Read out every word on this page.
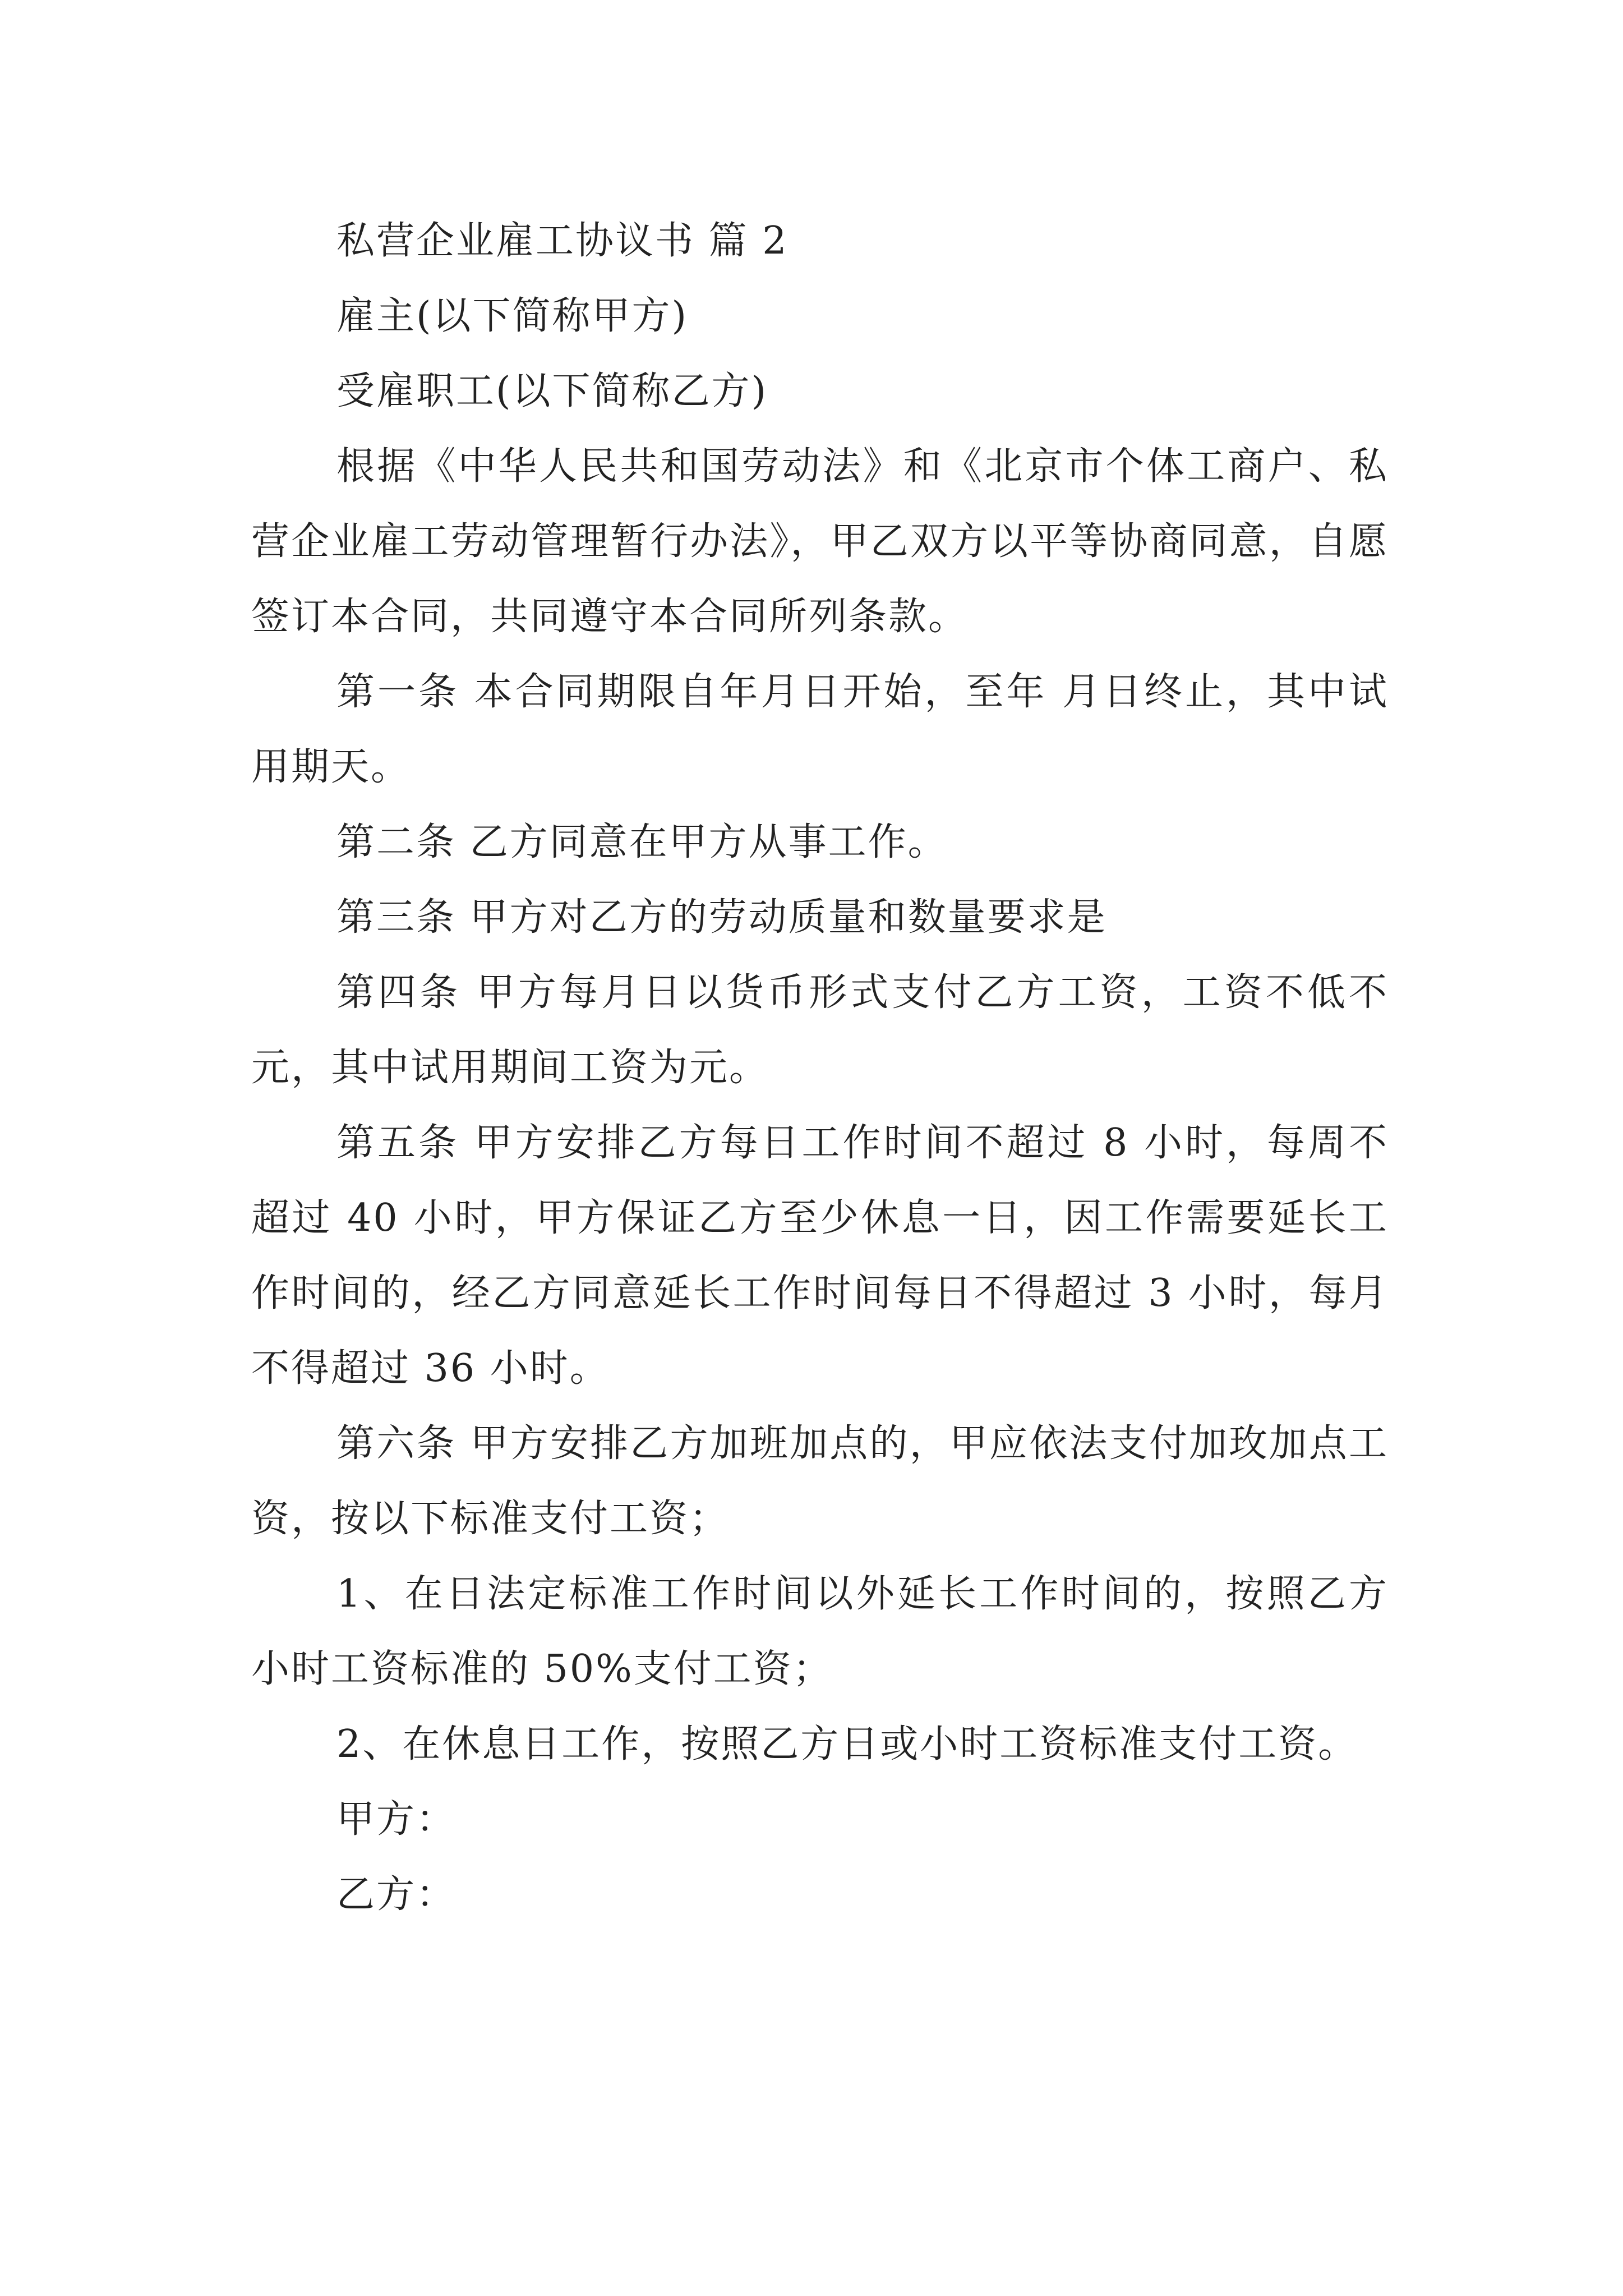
私营企业雇工协议书 篇 2

雇主(以下简称甲方)

受雇职工(以下简称乙方)

根据《中华人民共和国劳动法》和《北京市个体工商户、私营企业雇工劳动管理暂行办法》，甲乙双方以平等协商同意，自愿签订本合同，共同遵守本合同所列条款。

第一条 本合同期限自年月日开始，至年 月日终止，其中试用期天。

第二条 乙方同意在甲方从事工作。

第三条 甲方对乙方的劳动质量和数量要求是

第四条 甲方每月日以货币形式支付乙方工资，工资不低不元，其中试用期间工资为元。

第五条 甲方安排乙方每日工作时间不超过 8 小时，每周不超过 40 小时，甲方保证乙方至少休息一日，因工作需要延长工作时间的，经乙方同意延长工作时间每日不得超过 3 小时，每月不得超过 36 小时。

第六条 甲方安排乙方加班加点的，甲应依法支付加玫加点工资，按以下标准支付工资；

1、在日法定标准工作时间以外延长工作时间的，按照乙方小时工资标准的 50%支付工资；

2、在休息日工作，按照乙方日或小时工资标准支付工资。

甲方：

乙方：
